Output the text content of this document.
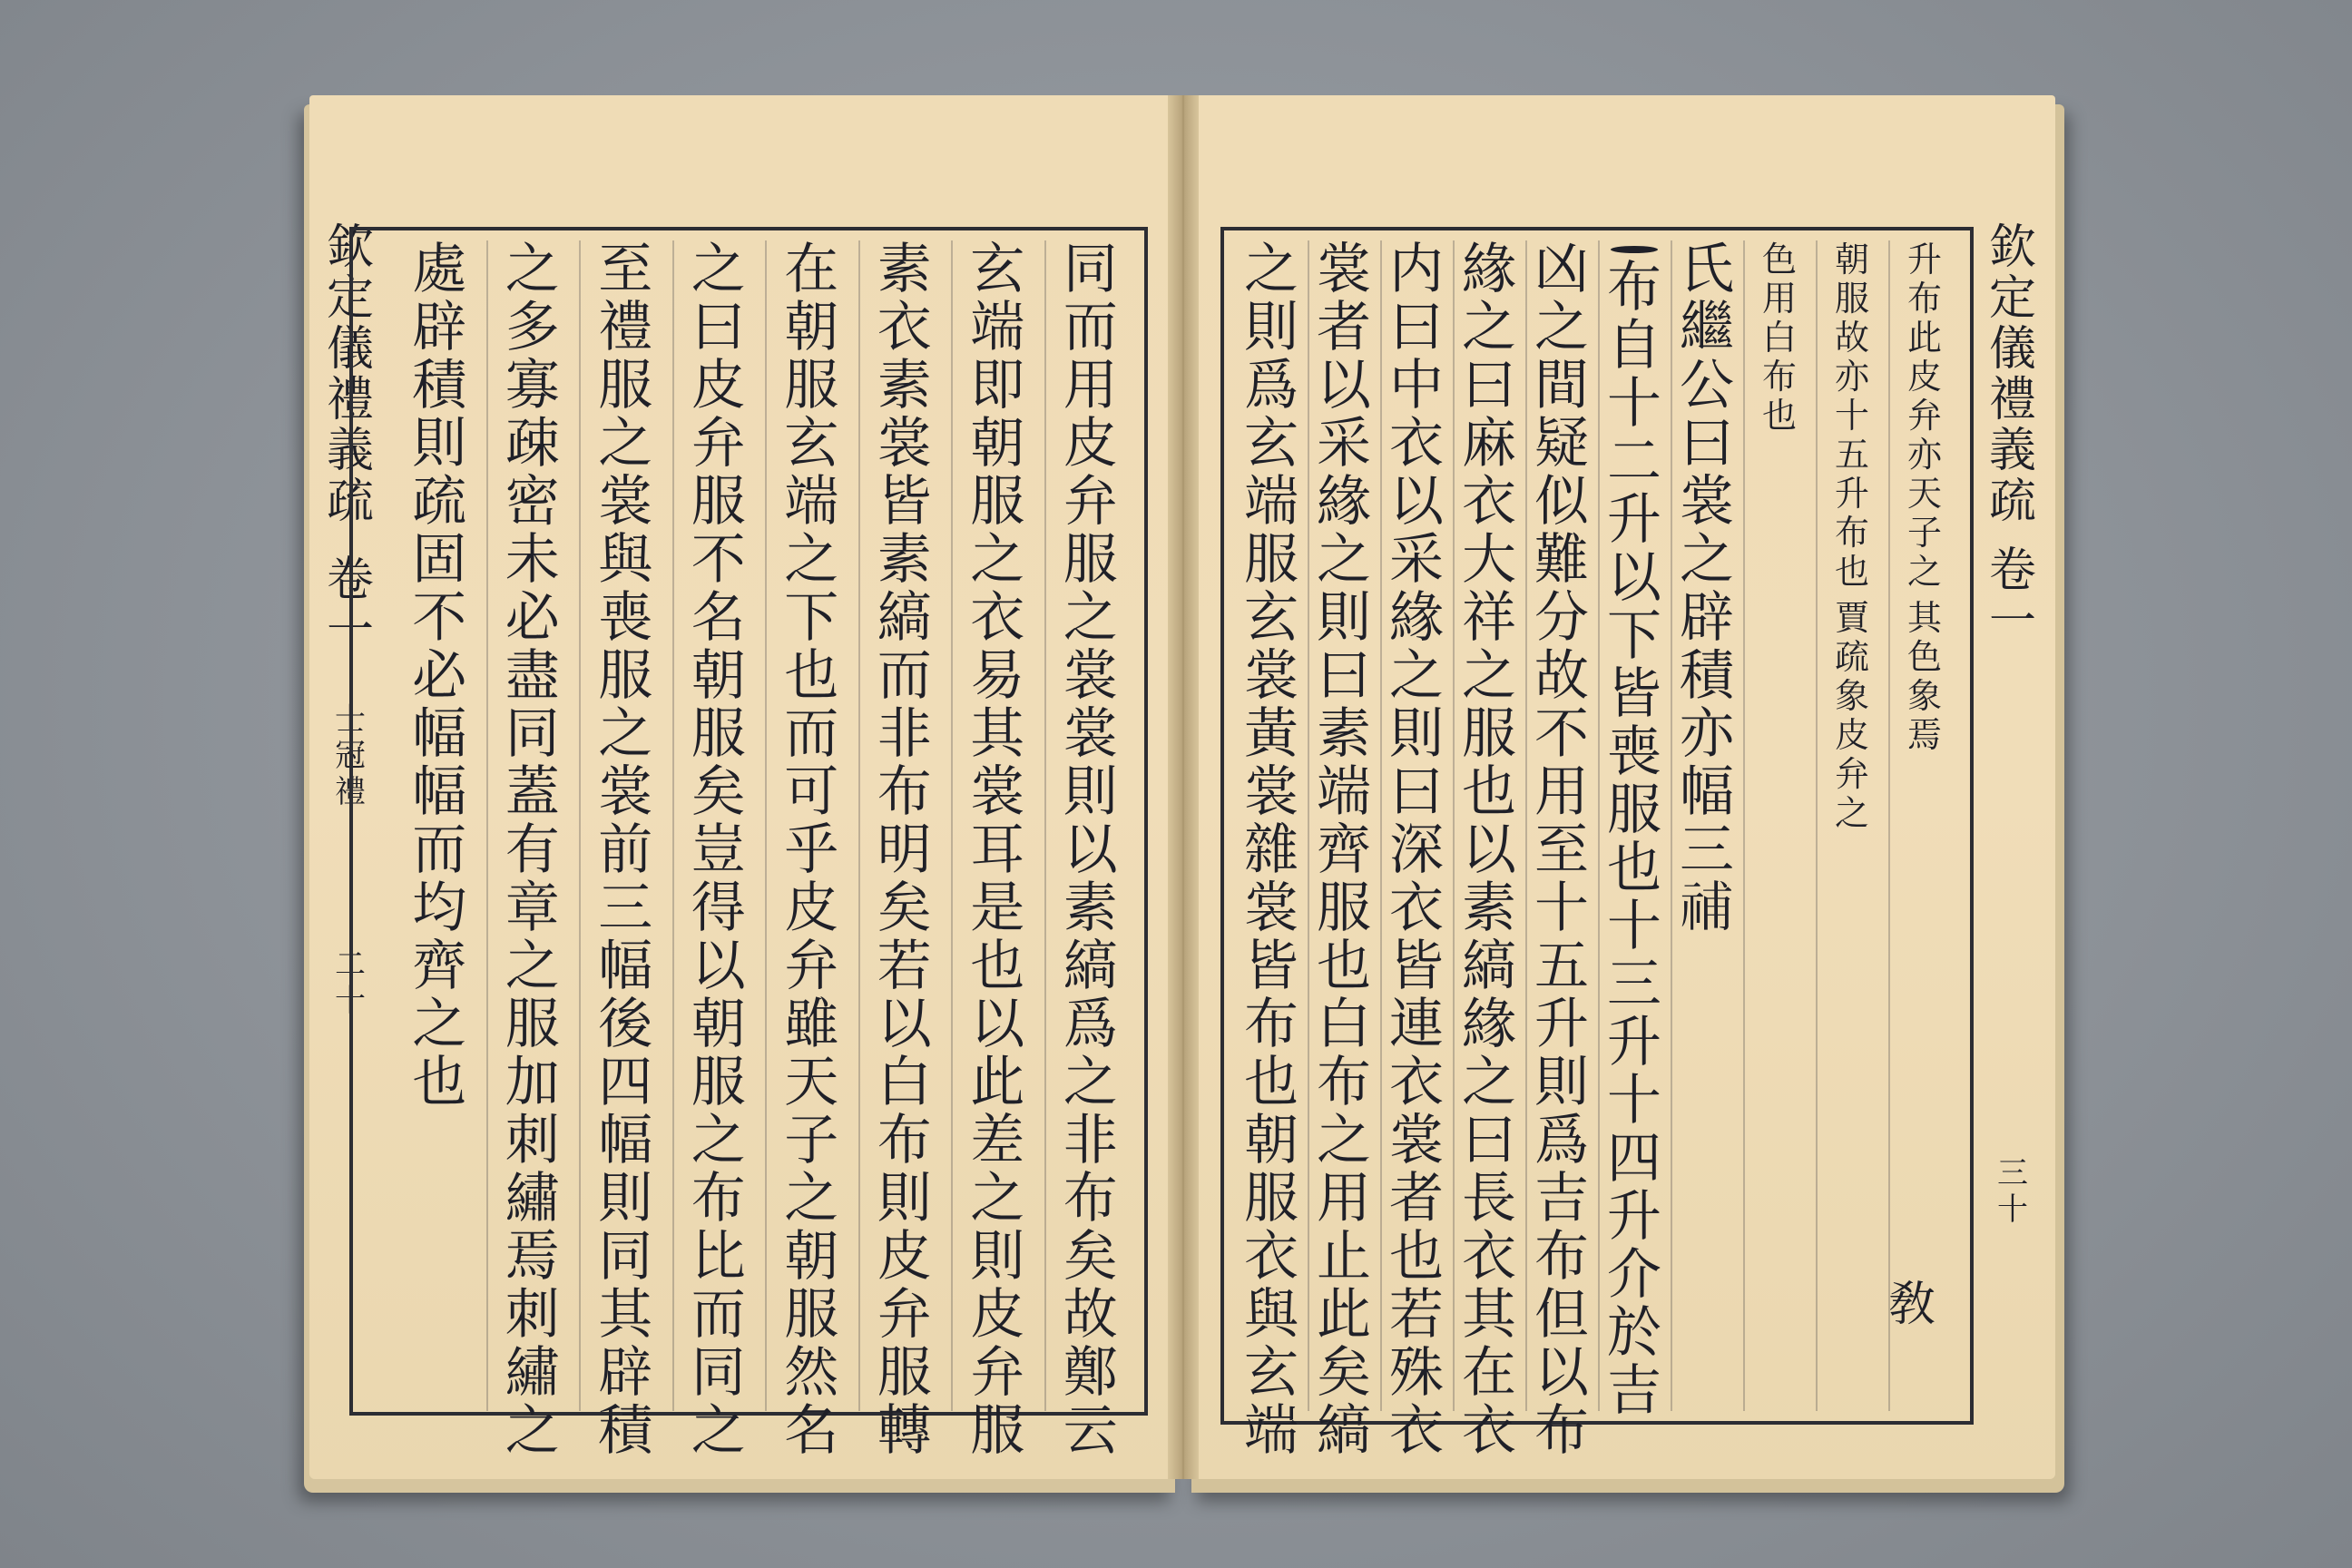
欽
定
儀
禮
義
疏
卷
一
士
冠
禮
二
十
同
而
用
皮
弁
服
之
裳
裳
則
以
素
縞
爲
之
非
布
矣
故
鄭
云
玄
端
即
朝
服
之
衣
易
其
裳
耳
是
也
以
此
差
之
則
皮
弁
服
素
衣
素
裳
皆
素
縞
而
非
布
明
矣
若
以
白
布
則
皮
弁
服
轉
在
朝
服
玄
端
之
下
也
而
可
乎
皮
弁
雖
天
子
之
朝
服
然
名
之
曰
皮
弁
服
不
名
朝
服
矣
豈
得
以
朝
服
之
布
比
而
同
之
至
禮
服
之
裳
與
喪
服
之
裳
前
三
幅
後
四
幅
則
同
其
辟
積
之
多
寡
疎
密
未
必
盡
同
蓋
有
章
之
服
加
刺
繡
焉
刺
繡
之
處
辟
積
則
疏
固
不
必
幅
幅
而
均
齊
之
也
升
布
此
皮
弁
亦
天
子
之
其
色
象
焉
朝
服
故
亦
十
五
升
布
也
賈
疏
象
皮
弁
之
色
用
白
布
也
氏
繼
公
曰
裳
之
辟
積
亦
幅
三
𥙷
布
自
十
二
升
以
下
皆
喪
服
也
十
三
升
十
四
升
介
於
吉
凶
之
間
疑
似
難
分
故
不
用
至
十
五
升
則
爲
吉
布
但
以
布
緣
之
曰
麻
衣
大
祥
之
服
也
以
素
縞
緣
之
曰
長
衣
其
在
衣
内
曰
中
衣
以
采
緣
之
則
曰
深
衣
皆
連
衣
裳
者
也
若
殊
衣
裳
者
以
采
緣
之
則
曰
素
端
齊
服
也
白
布
之
用
止
此
矣
縞
之
則
爲
玄
端
服
玄
裳
黃
裳
雜
裳
皆
布
也
朝
服
衣
與
玄
端
欽
定
儀
禮
義
疏
卷
一
三
十
敎
